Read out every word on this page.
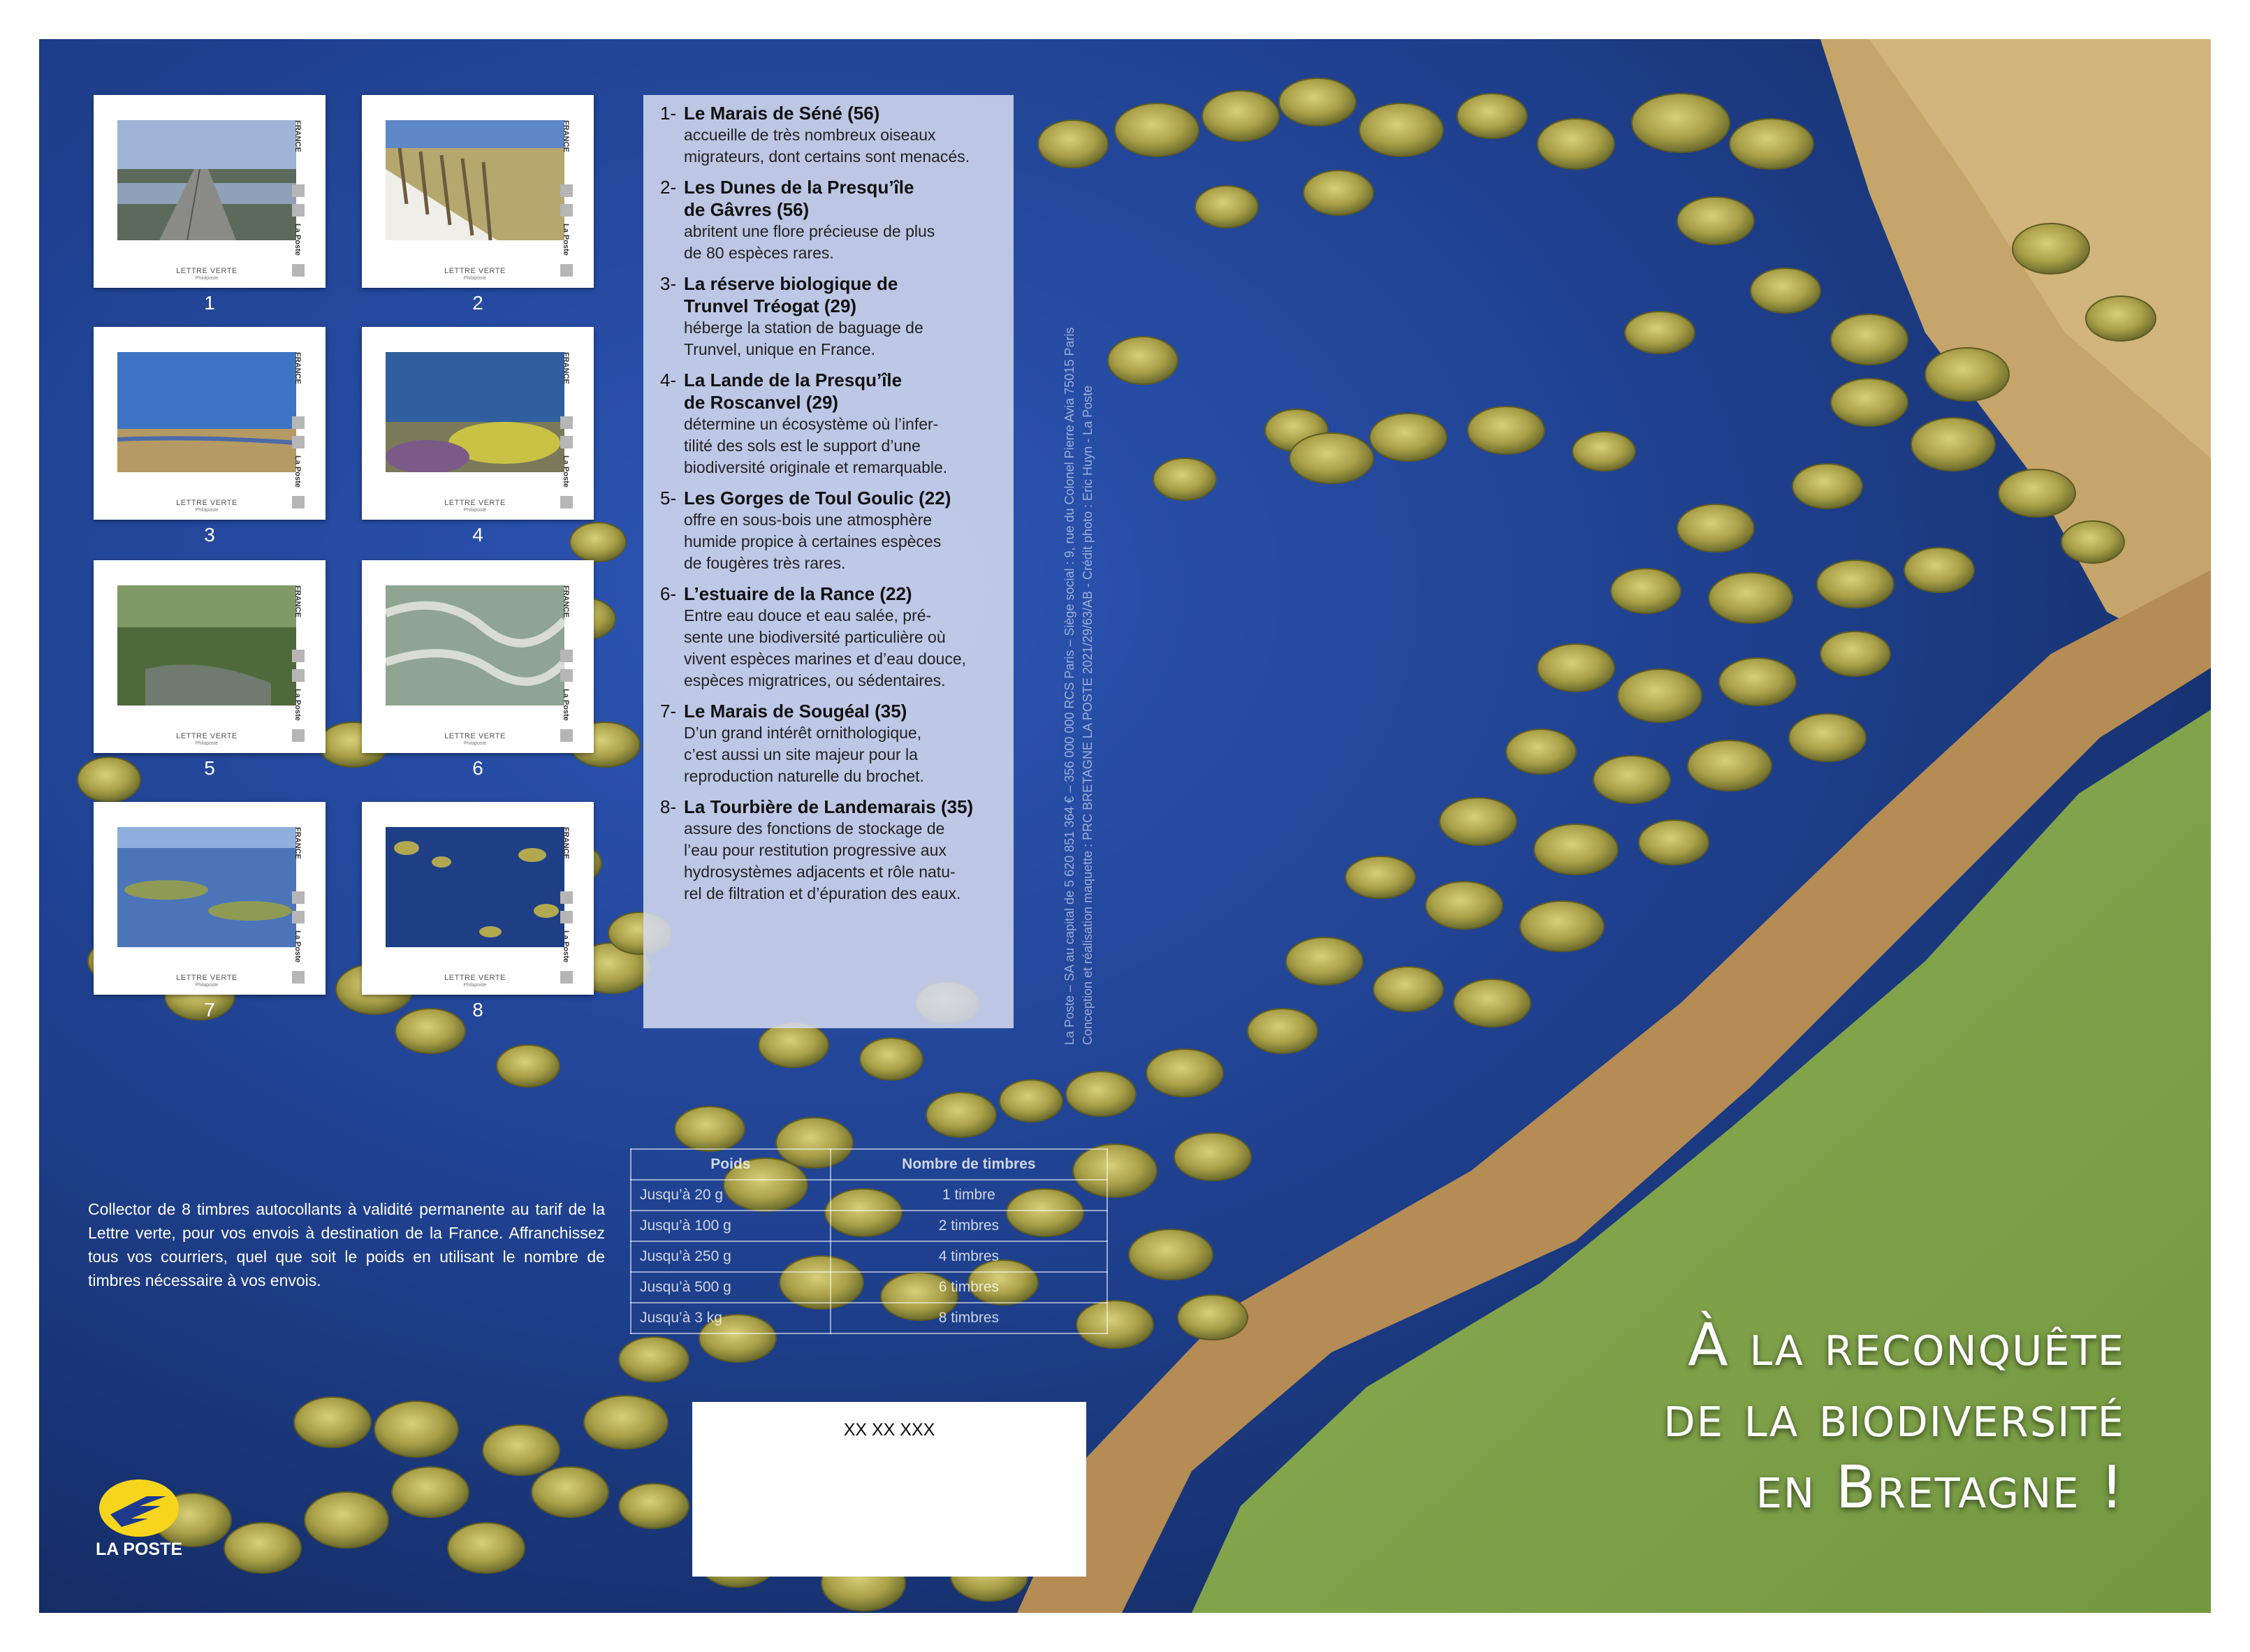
FRANCE
La Poste
LETTRE VERTE
Philaposte
1
FRANCE
La Poste
LETTRE VERTE
Philaposte
2
FRANCE
La Poste
LETTRE VERTE
Philaposte
3
FRANCE
La Poste
LETTRE VERTE
Philaposte
4
FRANCE
La Poste
LETTRE VERTE
Philaposte
5
FRANCE
La Poste
LETTRE VERTE
Philaposte
6
FRANCE
La Poste
LETTRE VERTE
Philaposte
7
FRANCE
La Poste
LETTRE VERTE
Philaposte
8
1- Le Marais de Séné (56)
accueille de très nombreux oiseaux
migrateurs, dont certains sont menacés.
2- Les Dunes de la Presqu’île
de Gâvres (56)
abritent une flore précieuse de plus
de 80 espèces rares.
3- La réserve biologique de
Trunvel Tréogat (29)
héberge la station de baguage de
Trunvel, unique en France.
4- La Lande de la Presqu’île
de Roscanvel (29)
détermine un écosystème où l’infer-
tilité des sols est le support d’une
biodiversité originale et remarquable.
5- Les Gorges de Toul Goulic (22)
offre en sous-bois une atmosphère
humide propice à certaines espèces
de fougères très rares.
6- L’estuaire de la Rance (22)
Entre eau douce et eau salée, pré-
sente une biodiversité particulière où
vivent espèces marines et d’eau douce,
espèces migratrices, ou sédentaires.
7- Le Marais de Sougéal (35)
D’un grand intérêt ornithologique,
c’est aussi un site majeur pour la
reproduction naturelle du brochet.
8- La Tourbière de Landemarais (35)
assure des fonctions de stockage de
l’eau pour restitution progressive aux
hydrosystèmes adjacents et rôle natu-
rel de filtration et d’épuration des eaux.	La Poste – SA au capital de 5 620 851 364 € – 356 000 000 RCS Paris – Siège social : 9, rue du Colonel Pierre Avia 75015 Paris Conception et réalisation maquette : PRC BRETAGNE LA POSTE 2021/29/63/AB - Crédit photo : Eric Huyn - La Poste
Poids	Nombre de timbres
Jusqu’à 20 g	1 timbre
Jusqu’à 100 g	2 timbres
Jusqu’à 250 g	4 timbres
Jusqu’à 500 g	6 timbres
Jusqu’à 3 kg	8 timbres
Collector de 8 timbres autocollants à validité permanente au tarif de la Lettre verte, pour vos envois à destination de la France. Affranchissez tous vos courriers, quel que soit le poids en utilisant le nombre de timbres nécessaire à vos envois.
XX XX XXX
LA POSTE
À la reconquête
de la biodiversité
en Bretagne !
